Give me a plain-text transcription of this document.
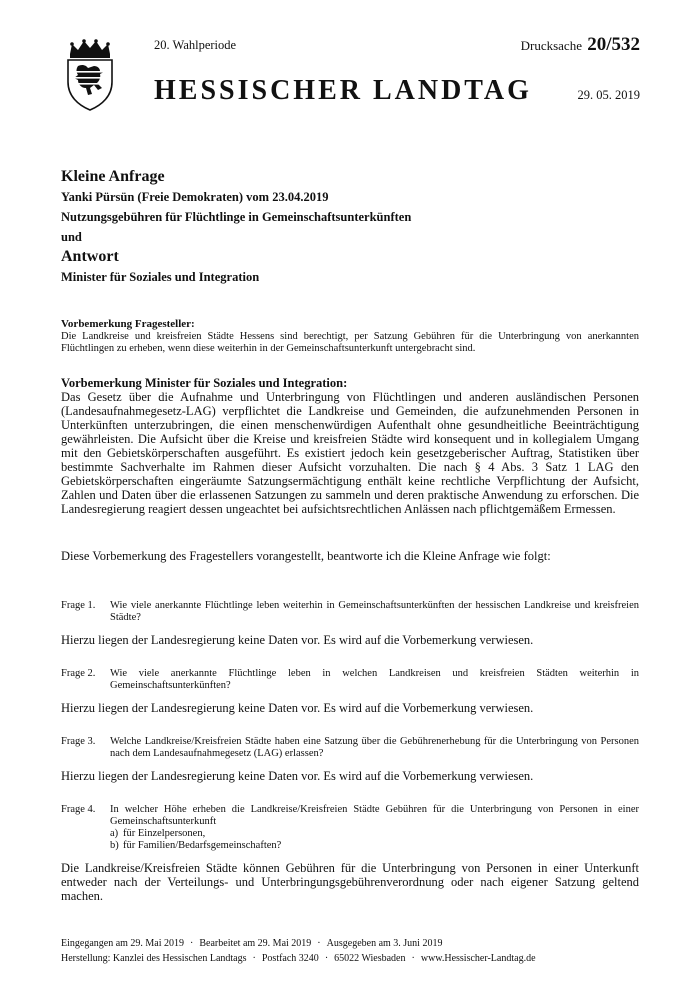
20. Wahlperiode	Drucksache 20/532
HESSISCHER LANDTAG	29. 05. 2019
Kleine Anfrage
Yanki Pürsün (Freie Demokraten) vom 23.04.2019
Nutzungsgebühren für Flüchtlinge in Gemeinschaftsunterkünften
und
Antwort
Minister für Soziales und Integration
Vorbemerkung Fragesteller:
Die Landkreise und kreisfreien Städte Hessens sind berechtigt, per Satzung Gebühren für die Unterbringung von anerkannten Flüchtlingen zu erheben, wenn diese weiterhin in der Gemeinschaftsunterkunft untergebracht sind.
Vorbemerkung Minister für Soziales und Integration:
Das Gesetz über die Aufnahme und Unterbringung von Flüchtlingen und anderen ausländischen Personen (Landesaufnahmegesetz-LAG) verpflichtet die Landkreise und Gemeinden, die aufzunehmenden Personen in Unterkünften unterzubringen, die einen menschenwürdigen Aufenthalt ohne gesundheitliche Beeinträchtigung gewährleisten. Die Aufsicht über die Kreise und kreisfreien Städte wird konsequent und in kollegialem Umgang mit den Gebietskörperschaften ausgeführt. Es existiert jedoch kein gesetzgeberischer Auftrag, Statistiken über bestimmte Sachverhalte im Rahmen dieser Aufsicht vorzuhalten. Die nach § 4 Abs. 3 Satz 1 LAG den Gebietskörperschaften eingeräumte Satzungsermächtigung enthält keine rechtliche Verpflichtung der Aufsicht, Zahlen und Daten über die erlassenen Satzungen zu sammeln und deren praktische Anwendung zu erforschen. Die Landesregierung reagiert dessen ungeachtet bei aufsichtsrechtlichen Anlässen nach pflichtgemäßem Ermessen.
Diese Vorbemerkung des Fragestellers vorangestellt, beantworte ich die Kleine Anfrage wie folgt:
Frage 1.	Wie viele anerkannte Flüchtlinge leben weiterhin in Gemeinschaftsunterkünften der hessischen Landkreise und kreisfreien Städte?
Hierzu liegen der Landesregierung keine Daten vor. Es wird auf die Vorbemerkung verwiesen.
Frage 2.	Wie viele anerkannte Flüchtlinge leben in welchen Landkreisen und kreisfreien Städten weiterhin in Gemeinschaftsunterkünften?
Hierzu liegen der Landesregierung keine Daten vor. Es wird auf die Vorbemerkung verwiesen.
Frage 3.	Welche Landkreise/Kreisfreien Städte haben eine Satzung über die Gebührenerhebung für die Unterbringung von Personen nach dem Landesaufnahmegesetz (LAG) erlassen?
Hierzu liegen der Landesregierung keine Daten vor. Es wird auf die Vorbemerkung verwiesen.
Frage 4.	In welcher Höhe erheben die Landkreise/Kreisfreien Städte Gebühren für die Unterbringung von Personen in einer Gemeinschaftsunterkunft
a) für Einzelpersonen,
b) für Familien/Bedarfsgemeinschaften?
Die Landkreise/Kreisfreien Städte können Gebühren für die Unterbringung von Personen in einer Unterkunft entweder nach der Verteilungs- und Unterbringungsgebührenverordnung oder nach eigener Satzung geltend machen.
Eingegangen am 29. Mai 2019 · Bearbeitet am 29. Mai 2019 · Ausgegeben am 3. Juni 2019
Herstellung: Kanzlei des Hessischen Landtags · Postfach 3240 · 65022 Wiesbaden · www.Hessischer-Landtag.de
